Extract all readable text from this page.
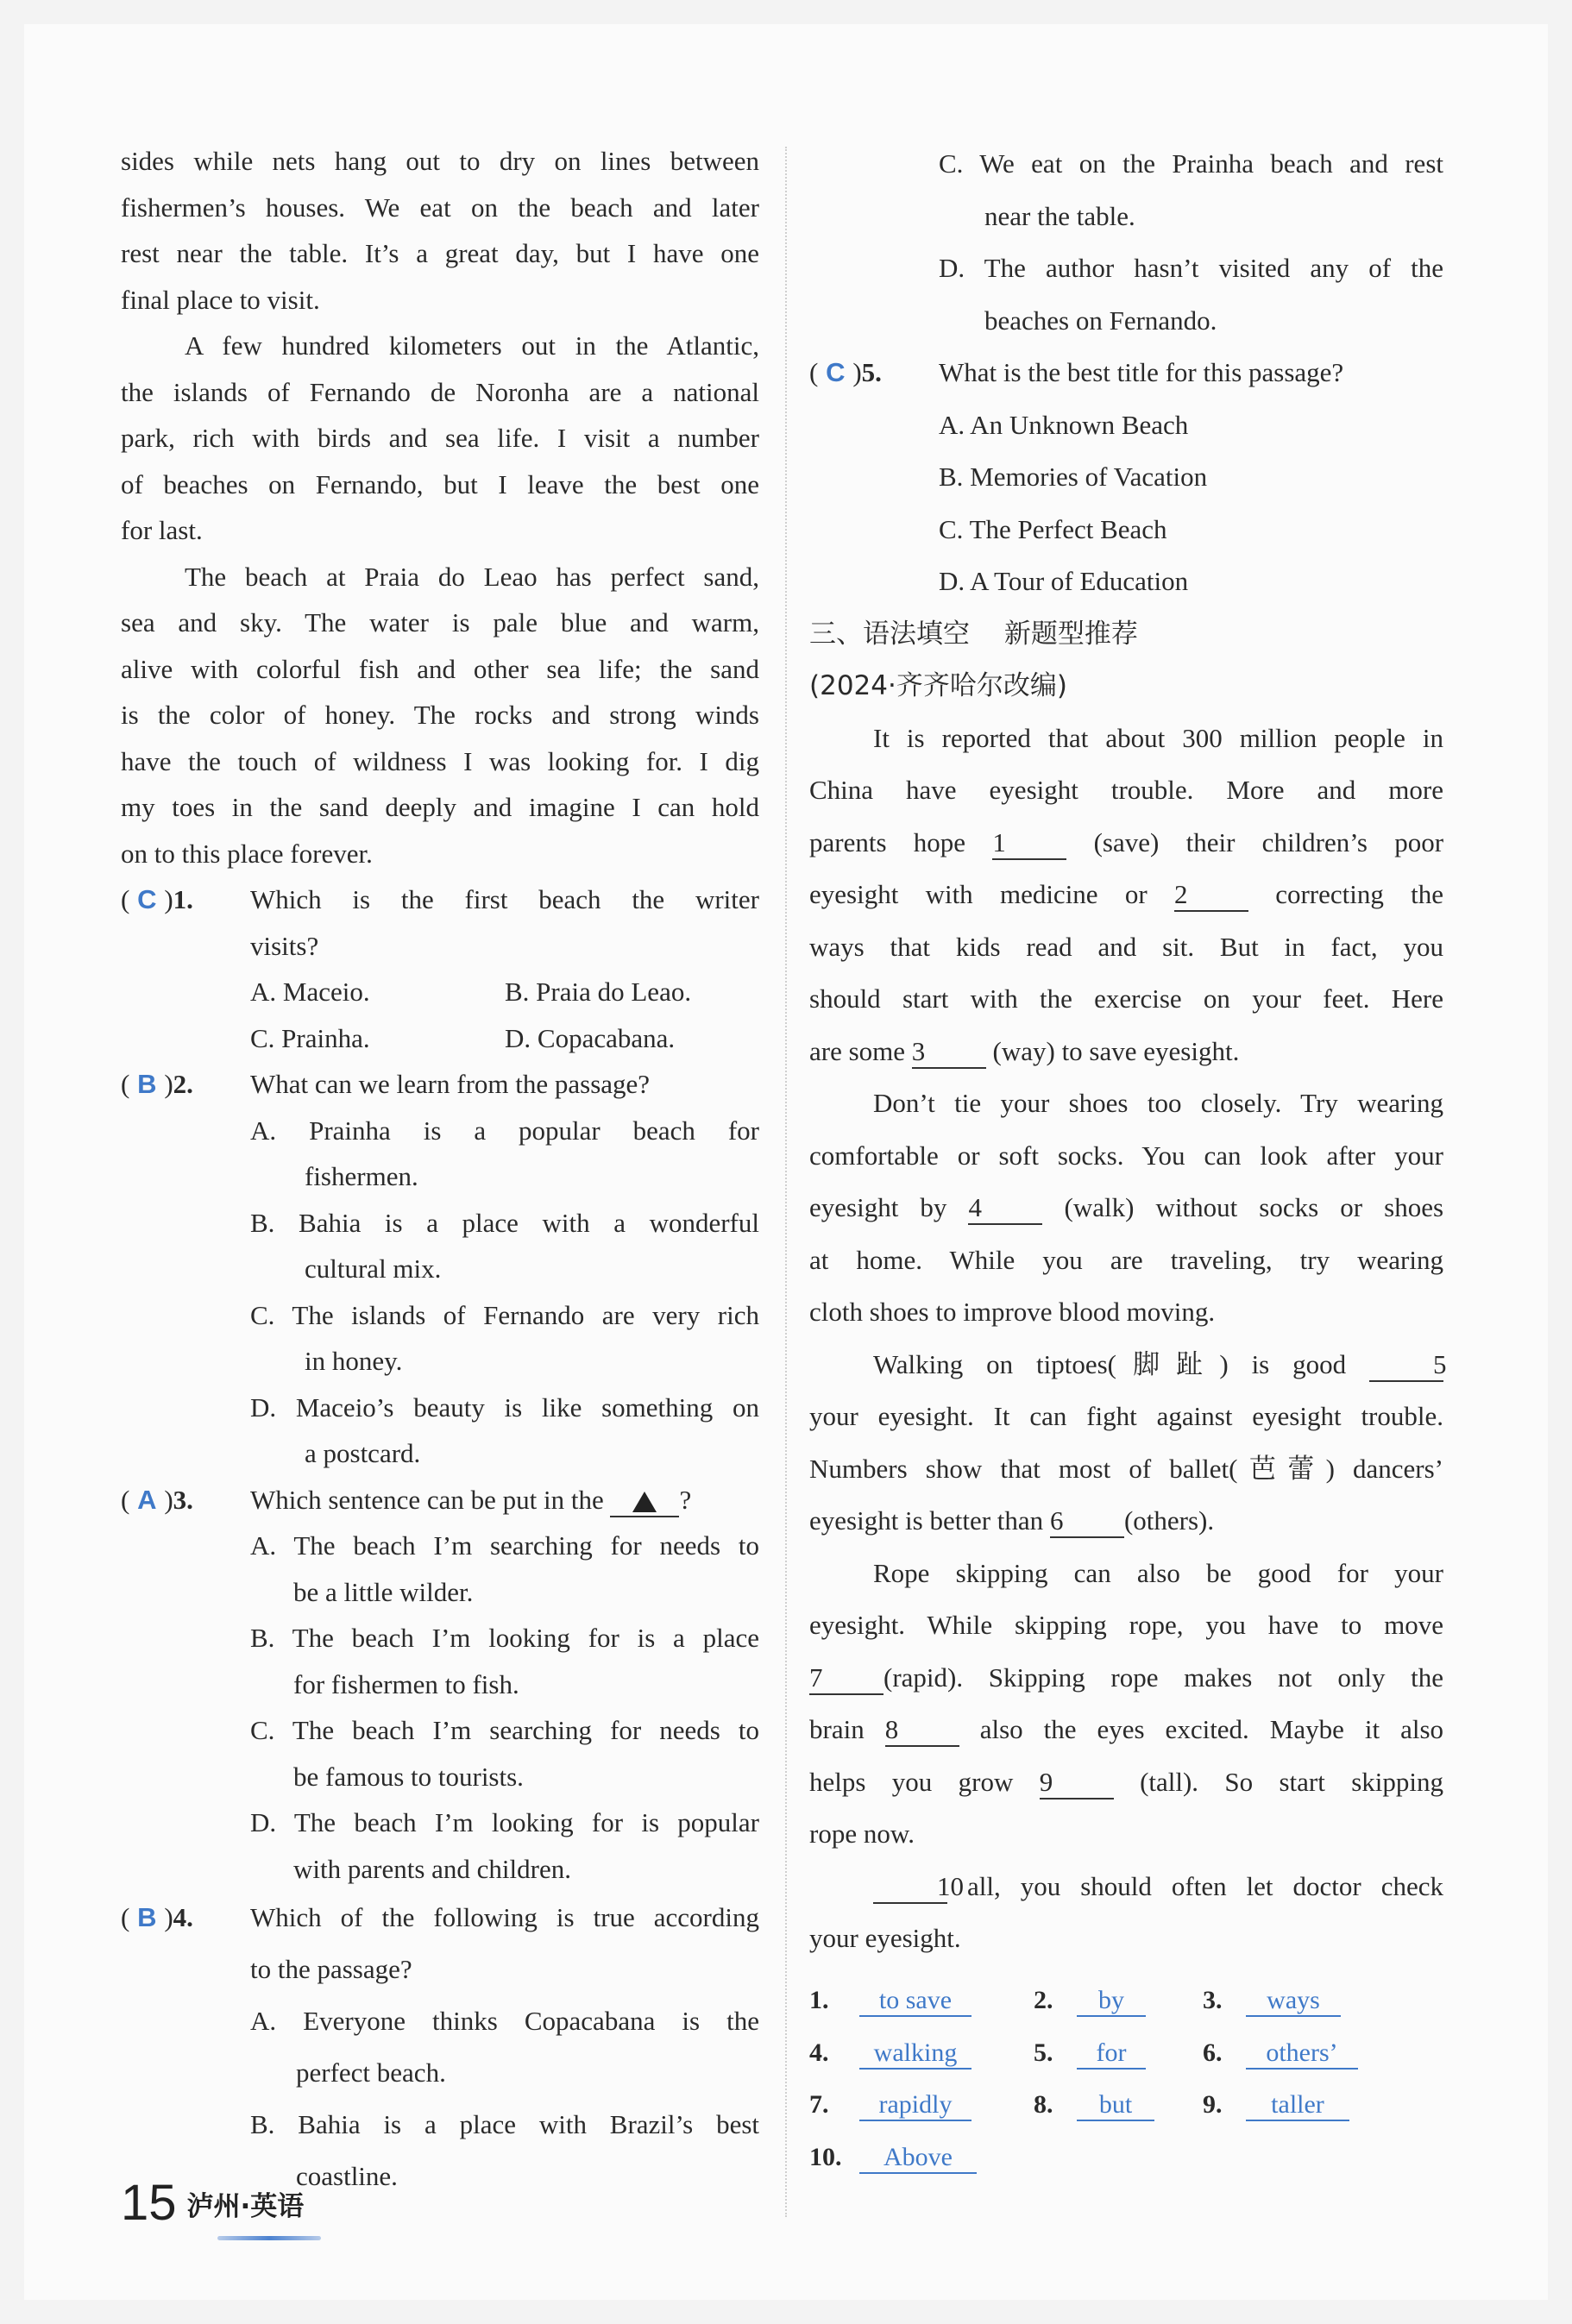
sides while nets hang out to dry on lines between
fishermen’s houses. We eat on the beach and later
rest near the table. It’s a great day, but I have one
final place to visit.
A few hundred kilometers out in the Atlantic,
the islands of Fernando de Noronha are a national
park, rich with birds and sea life. I visit a number
of beaches on Fernando, but I leave the best one
for last.
The beach at Praia do Leao has perfect sand,
sea and sky. The water is pale blue and warm,
alive with colorful fish and other sea life; the sand
is the color of honey. The rocks and strong winds
have the touch of wildness I was looking for. I dig
my toes in the sand deeply and imagine I can hold
on to this place forever.
( C )1.	Which is the first beach the writer
visits?
A. Maceio.	B. Praia do Leao.
C. Prainha.	D. Copacabana.
( B )2.	What can we learn from the passage?
A. Prainha is a popular beach for
fishermen.
B. Bahia is a place with a wonderful
cultural mix.
C. The islands of Fernando are very rich
in honey.
D. Maceio’s beauty is like something on
a postcard.
( A )3.	Which sentence can be put in the	?
A. The beach I’m searching for needs to
be a little wilder.
B. The beach I’m looking for is a place
for fishermen to fish.
C. The beach I’m searching for needs to
be famous to tourists.
D. The beach I’m looking for is popular
with parents and children.
( B )4.	Which of the following is true according
to the passage?
A. Everyone thinks Copacabana is the
perfect beach.
B. Bahia is a place with Brazil’s best
coastline.
C. We eat on the Prainha beach and rest
near the table.
D. The author hasn’t visited any of the
beaches on Fernando.
( C )5.	What is the best title for this passage?
A. An Unknown Beach
B. Memories of Vacation
C. The Perfect Beach
D. A Tour of Education
三、语法填空 新题型推荐
(2024·齐齐哈尔改编)
It is reported that about 300 million people in
China have eyesight trouble. More and more
parents hope 1	(save) their children’s poor
eyesight with medicine or 2	correcting the
ways that kids read and sit. But in fact, you
should start with the exercise on your feet. Here
are some 3	(way) to save eyesight.
Don’t tie your shoes too closely. Try wearing
comfortable or soft socks. You can look after your
eyesight by 4	(walk) without socks or shoes
at home. While you are traveling, try wearing
cloth shoes to improve blood moving.
Walking on tiptoes(脚趾) is good	5
your eyesight. It can fight against eyesight trouble.
Numbers show that most of ballet(芭蕾) dancers’
eyesight is better than 6 (others).
Rope skipping can also be good for your
eyesight. While skipping rope, you have to move
7 (rapid). Skipping rope makes not only the
brain 8	also the eyes excited. Maybe it also
helps you grow 9	(tall). So start skipping
rope now.
10 all, you should often let doctor check
your eyesight.
1.	to save	2.	by	3.	ways
4.	walking	5.	for	6.	others’
7.	rapidly	8.	but	9.	taller
10.	Above
15 泸州·英语
